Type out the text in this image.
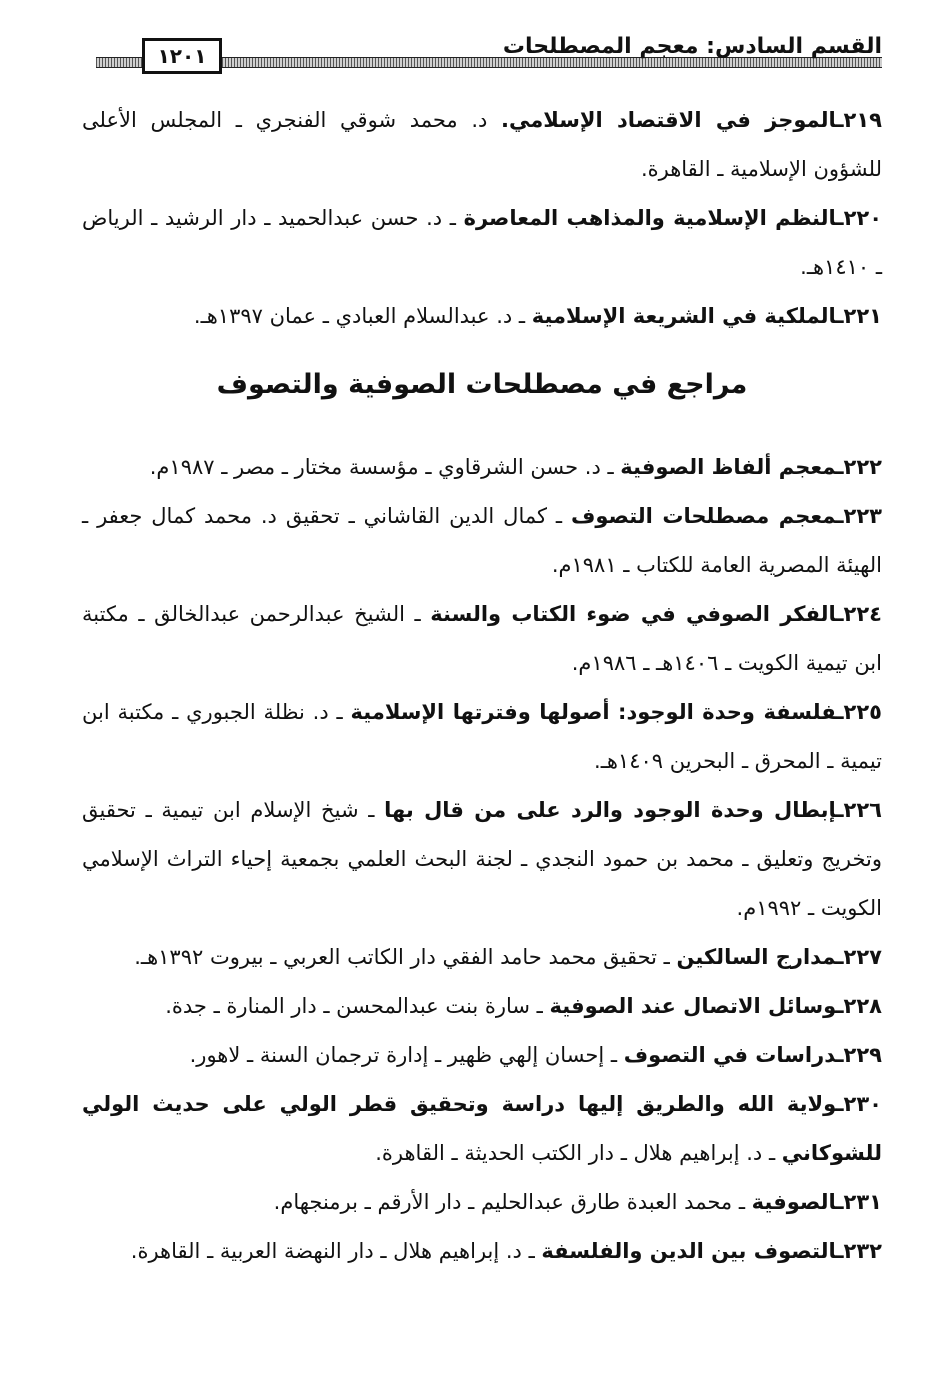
القسم السادس: معجم المصطلحات
١٢٠١
٢١٩ـالموجز في الاقتصاد الإسلامي. د. محمد شوقي الفنجري ـ المجلس الأعلى للشؤون الإسلامية ـ القاهرة.
٢٢٠ـالنظم الإسلامية والمذاهب المعاصرة ـ د. حسن عبدالحميد ـ دار الرشيد ـ الرياض ـ ١٤١٠هـ.
٢٢١ـالملكية في الشريعة الإسلامية ـ د. عبدالسلام العبادي ـ عمان ١٣٩٧هـ.
مراجع في مصطلحات الصوفية والتصوف
٢٢٢ـمعجم ألفاظ الصوفية ـ د. حسن الشرقاوي ـ مؤسسة مختار ـ مصر ـ ١٩٨٧م.
٢٢٣ـمعجم مصطلحات التصوف ـ كمال الدين القاشاني ـ تحقيق د. محمد كمال جعفر ـ الهيئة المصرية العامة للكتاب ـ ١٩٨١م.
٢٢٤ـالفكر الصوفي في ضوء الكتاب والسنة ـ الشيخ عبدالرحمن عبدالخالق ـ مكتبة ابن تيمية الكويت ـ ١٤٠٦هـ ـ ١٩٨٦م.
٢٢٥ـفلسفة وحدة الوجود: أصولها وفترتها الإسلامية ـ د. نظلة الجبوري ـ مكتبة ابن تيمية ـ المحرق ـ البحرين ١٤٠٩هـ.
٢٢٦ـإبطال وحدة الوجود والرد على من قال بها ـ شيخ الإسلام ابن تيمية ـ تحقيق وتخريج وتعليق ـ محمد بن حمود النجدي ـ لجنة البحث العلمي بجمعية إحياء التراث الإسلامي الكويت ـ ١٩٩٢م.
٢٢٧ـمدارج السالكين ـ تحقيق محمد حامد الفقي دار الكاتب العربي ـ بيروت ١٣٩٢هـ.
٢٢٨ـوسائل الاتصال عند الصوفية ـ سارة بنت عبدالمحسن ـ دار المنارة ـ جدة.
٢٢٩ـدراسات في التصوف ـ إحسان إلهي ظهير ـ إدارة ترجمان السنة ـ لاهور.
٢٣٠ـولاية الله والطريق إليها دراسة وتحقيق قطر الولي على حديث الولي للشوكاني ـ د. إبراهيم هلال ـ دار الكتب الحديثة ـ القاهرة.
٢٣١ـالصوفية ـ محمد العبدة طارق عبدالحليم ـ دار الأرقم ـ برمنجهام.
٢٣٢ـالتصوف بين الدين والفلسفة ـ د. إبراهيم هلال ـ دار النهضة العربية ـ القاهرة.
